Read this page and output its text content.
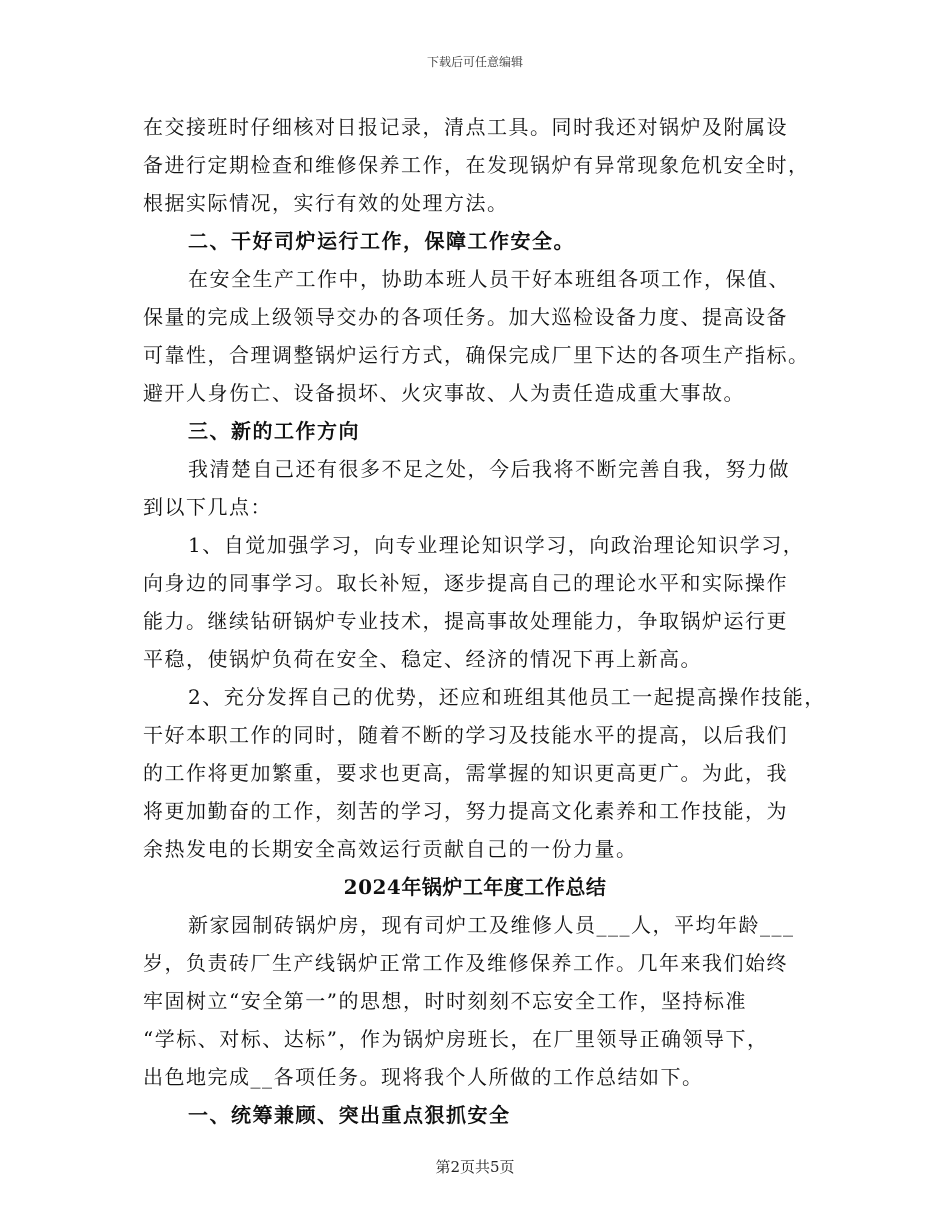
下载后可任意编辑
在交接班时仔细核对日报记录，清点工具。同时我还对锅炉及附属设
备进行定期检查和维修保养工作，在发现锅炉有异常现象危机安全时，
根据实际情况，实行有效的处理方法。
二、干好司炉运行工作，保障工作安全。
在安全生产工作中，协助本班人员干好本班组各项工作，保值、
保量的完成上级领导交办的各项任务。加大巡检设备力度、提高设备
可靠性，合理调整锅炉运行方式，确保完成厂里下达的各项生产指标。
避开人身伤亡、设备损坏、火灾事故、人为责任造成重大事故。
三、新的工作方向
我清楚自己还有很多不足之处，今后我将不断完善自我，努力做
到以下几点：
1、自觉加强学习，向专业理论知识学习，向政治理论知识学习，
向身边的同事学习。取长补短，逐步提高自己的理论水平和实际操作
能力。继续钻研锅炉专业技术，提高事故处理能力，争取锅炉运行更
平稳，使锅炉负荷在安全、稳定、经济的情况下再上新高。
2、充分发挥自己的优势，还应和班组其他员工一起提高操作技能，
干好本职工作的同时，随着不断的学习及技能水平的提高，以后我们
的工作将更加繁重，要求也更高，需掌握的知识更高更广。为此，我
将更加勤奋的工作，刻苦的学习，努力提高文化素养和工作技能，为
余热发电的长期安全高效运行贡献自己的一份力量。
2024年锅炉工年度工作总结
新家园制砖锅炉房，现有司炉工及维修人员___人，平均年龄___
岁，负责砖厂生产线锅炉正常工作及维修保养工作。几年来我们始终
牢固树立“安全第一”的思想，时时刻刻不忘安全工作，坚持标准
“学标、对标、达标”，作为锅炉房班长，在厂里领导正确领导下，
出色地完成__各项任务。现将我个人所做的工作总结如下。
一、统筹兼顾、突出重点狠抓安全
第2页共5页
